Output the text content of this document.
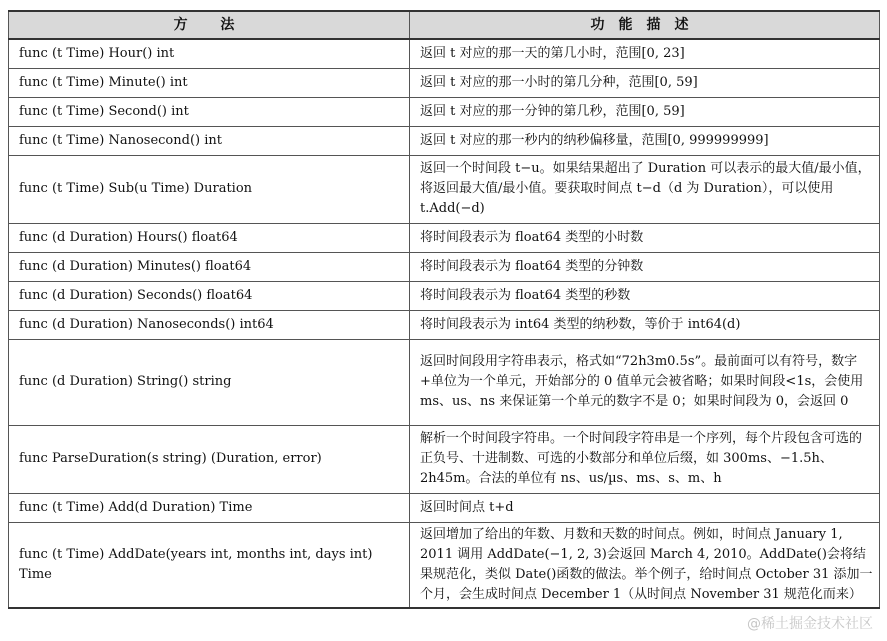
方 法	功能描述
func (t Time) Hour() int	返回 t 对应的那一天的第几小时，范围[0, 23]
func (t Time) Minute() int	返回 t 对应的那一小时的第几分种，范围[0, 59]
func (t Time) Second() int	返回 t 对应的那一分钟的第几秒，范围[0, 59]
func (t Time) Nanosecond() int	返回 t 对应的那一秒内的纳秒偏移量，范围[0, 999999999]
func (t Time) Sub(u Time) Duration	返回一个时间段 t−u。如果结果超出了 Duration 可以表示的最大值/最小值，将返回最大值/最小值。要获取时间点 t−d（d 为 Duration），可以使用 t.Add(−d)
func (d Duration) Hours() float64	将时间段表示为 float64 类型的小时数
func (d Duration) Minutes() float64	将时间段表示为 float64 类型的分钟数
func (d Duration) Seconds() float64	将时间段表示为 float64 类型的秒数
func (d Duration) Nanoseconds() int64	将时间段表示为 int64 类型的纳秒数，等价于 int64(d)
func (d Duration) String() string	返回时间段用字符串表示，格式如“72h3m0.5s”。最前面可以有符号，数字+单位为一个单元，开始部分的 0 值单元会被省略；如果时间段<1s，会使用 ms、us、ns 来保证第一个单元的数字不是 0；如果时间段为 0，会返回 0
func ParseDuration(s string) (Duration, error)	解析一个时间段字符串。一个时间段字符串是一个序列，每个片段包含可选的正负号、十进制数、可选的小数部分和单位后缀，如 300ms、−1.5h、2h45m。合法的单位有 ns、us/µs、ms、s、m、h
func (t Time) Add(d Duration) Time	返回时间点 t+d
func (t Time) AddDate(years int, months int, days int) Time	返回增加了给出的年数、月数和天数的时间点。例如，时间点 January 1, 2011 调用 AddDate(−1, 2, 3)会返回 March 4, 2010。AddDate()会将结果规范化，类似 Date()函数的做法。举个例子，给时间点 October 31 添加一个月，会生成时间点 December 1（从时间点 November 31 规范化而来）
@稀土掘金技术社区
